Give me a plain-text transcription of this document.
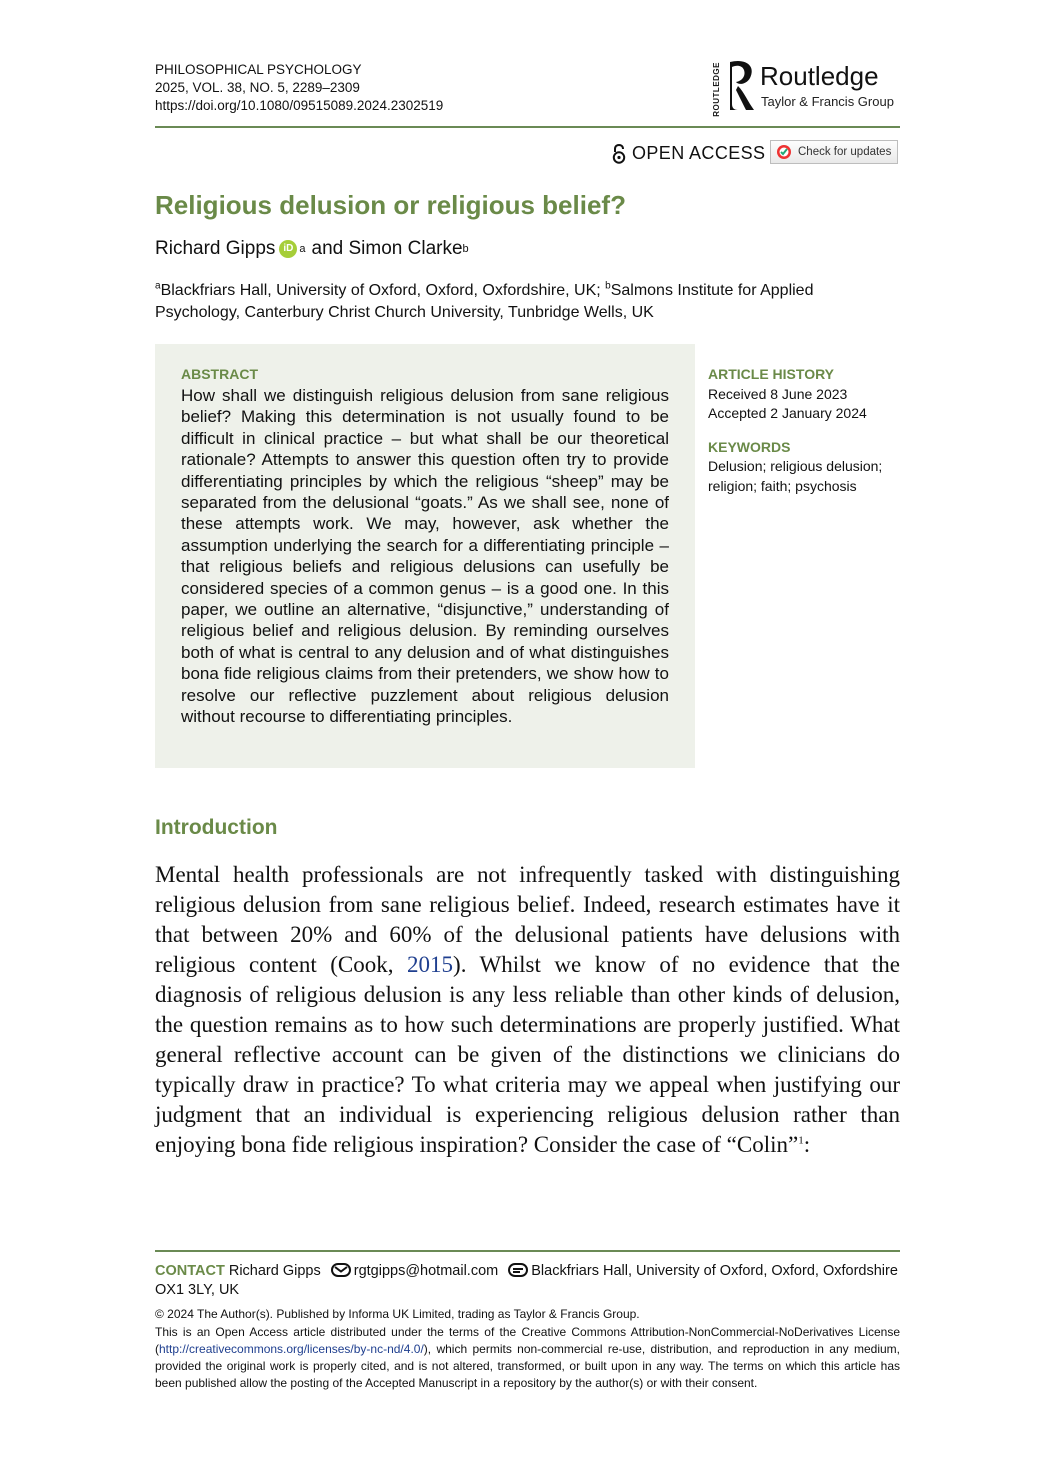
PHILOSOPHICAL PSYCHOLOGY
2025, VOL. 38, NO. 5, 2289–2309
https://doi.org/10.1080/09515089.2024.2302519	ROUTLEDGE Routledge
Taylor & Francis Group
OPEN ACCESS	Check for updates
Religious delusion or religious belief?
Richard Gipps iD a and Simon Clarke b
$^a$Blackfriars Hall, University of Oxford, Oxford, Oxfordshire, UK; $^b$Salmons Institute for Applied Psychology, Canterbury Christ Church University, Tunbridge Wells, UK
ABSTRACT
How shall we distinguish religious delusion from sane religious belief? Making this determination is not usually found to be difficult in clinical practice – but what shall be our theoretical rationale? Attempts to answer this question often try to provide differentiating principles by which the religious “sheep” may be separated from the delusional “goats.” As we shall see, none of these attempts work. We may, however, ask whether the assumption underlying the search for a differentiating principle – that religious beliefs and religious delusions can usefully be considered species of a common genus – is a good one. In this paper, we outline an alternative, “disjunctive,” understanding of religious belief and religious delusion. By reminding ourselves both of what is central to any delusion and of what distinguishes bona fide religious claims from their pretenders, we show how to resolve our reflective puzzlement about religious delusion without recourse to differentiating principles.
ARTICLE HISTORY
Received 8 June 2023
Accepted 2 January 2024
KEYWORDS
Delusion; religious delusion; religion; faith; psychosis
Introduction
Mental health professionals are not infrequently tasked with distinguishing religious delusion from sane religious belief. Indeed, research estimates have it that between 20% and 60% of the delusional patients have delusions with religious content (Cook, 2015). Whilst we know of no evidence that the diagnosis of religious delusion is any less reliable than other kinds of delusion, the question remains as to how such determinations are properly justified. What general reflective account can be given of the distinctions we clinicians do typically draw in practice? To what criteria may we appeal when justifying our judgment that an individual is experiencing religious delusion rather than enjoying bona fide religious inspiration? Consider the case of “Colin”$^1$:
CONTACT Richard Gipps rgtgipps@hotmail.com Blackfriars Hall, University of Oxford, Oxford, Oxfordshire OX1 3LY, UK
© 2024 The Author(s). Published by Informa UK Limited, trading as Taylor & Francis Group.
This is an Open Access article distributed under the terms of the Creative Commons Attribution-NonCommercial-NoDerivatives License (http://creativecommons.org/licenses/by-nc-nd/4.0/), which permits non-commercial re-use, distribution, and reproduction in any medium, provided the original work is properly cited, and is not altered, transformed, or built upon in any way. The terms on which this article has been published allow the posting of the Accepted Manuscript in a repository by the author(s) or with their consent.
